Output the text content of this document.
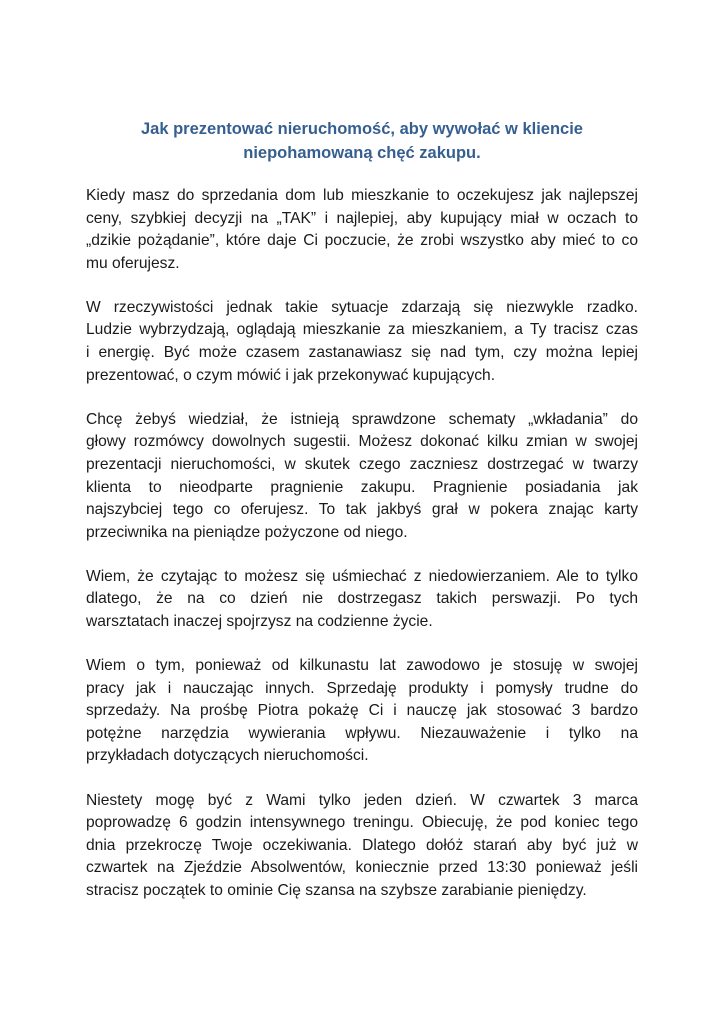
Jak prezentować nieruchomość, aby wywołać w kliencie
niepohamowaną chęć zakupu.

Kiedy masz do sprzedania dom lub mieszkanie to oczekujesz jak najlepszej
ceny, szybkiej decyzji na „TAK” i najlepiej, aby kupujący miał w oczach to
„dzikie pożądanie”, które daje Ci poczucie, że zrobi wszystko aby mieć to co
mu oferujesz.

W rzeczywistości jednak takie sytuacje zdarzają się niezwykle rzadko.
Ludzie wybrzydzają, oglądają mieszkanie za mieszkaniem, a Ty tracisz czas
i energię. Być może czasem zastanawiasz się nad tym, czy można lepiej
prezentować, o czym mówić i jak przekonywać kupujących.

Chcę żebyś wiedział, że istnieją sprawdzone schematy „wkładania” do
głowy rozmówcy dowolnych sugestii. Możesz dokonać kilku zmian w swojej
prezentacji nieruchomości, w skutek czego zaczniesz dostrzegać w twarzy
klienta to nieodparte pragnienie zakupu. Pragnienie posiadania jak
najszybciej tego co oferujesz. To tak jakbyś grał w pokera znając karty
przeciwnika na pieniądze pożyczone od niego.

Wiem, że czytając to możesz się uśmiechać z niedowierzaniem. Ale to tylko
dlatego, że na co dzień nie dostrzegasz takich perswazji. Po tych
warsztatach inaczej spojrzysz na codzienne życie.

Wiem o tym, ponieważ od kilkunastu lat zawodowo je stosuję w swojej
pracy jak i nauczając innych. Sprzedaję produkty i pomysły trudne do
sprzedaży. Na prośbę Piotra pokażę Ci i nauczę jak stosować 3 bardzo
potężne narzędzia wywierania wpływu. Niezauważenie i tylko na
przykładach dotyczących nieruchomości.

Niestety mogę być z Wami tylko jeden dzień. W czwartek 3 marca
poprowadzę 6 godzin intensywnego treningu. Obiecuję, że pod koniec tego
dnia przekroczę Twoje oczekiwania. Dlatego dołóż starań aby być już w
czwartek na Zjeździe Absolwentów, koniecznie przed 13:30 ponieważ jeśli
stracisz początek to ominie Cię szansa na szybsze zarabianie pieniędzy.
